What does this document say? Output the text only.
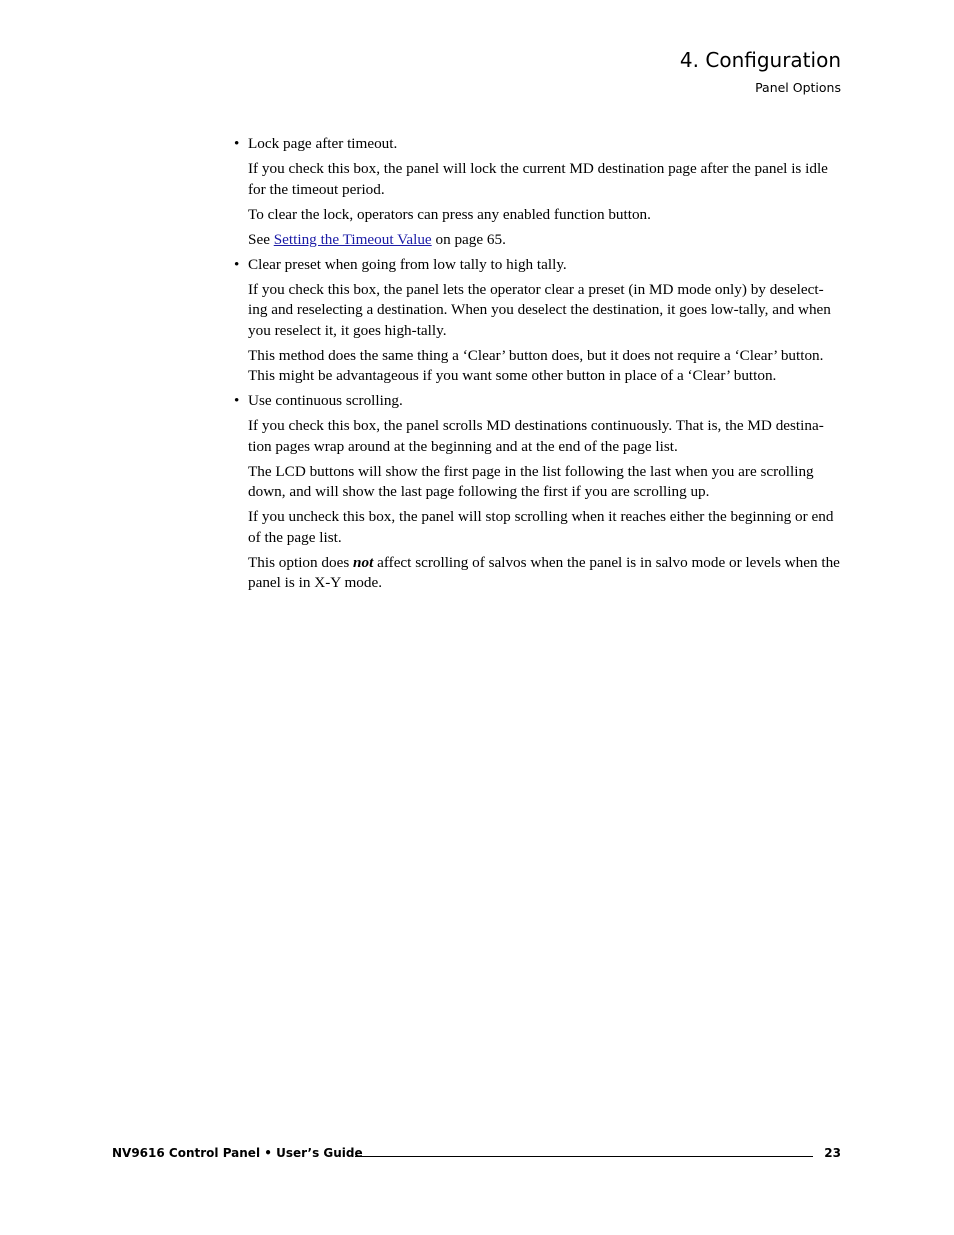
4. Configuration
Panel Options
• Lock page after timeout.
If you check this box, the panel will lock the current MD destination page after the panel is idle for the timeout period.
To clear the lock, operators can press any enabled function button.
See Setting the Timeout Value on page 65.
• Clear preset when going from low tally to high tally.
If you check this box, the panel lets the operator clear a preset (in MD mode only) by deselect-ing and reselecting a destination. When you deselect the destination, it goes low-tally, and when you reselect it, it goes high-tally.
This method does the same thing a ‘Clear’ button does, but it does not require a ‘Clear’ button. This might be advantageous if you want some other button in place of a ‘Clear’ button.
• Use continuous scrolling.
If you check this box, the panel scrolls MD destinations continuously. That is, the MD destina-tion pages wrap around at the beginning and at the end of the page list.
The LCD buttons will show the first page in the list following the last when you are scrolling down, and will show the last page following the first if you are scrolling up.
If you uncheck this box, the panel will stop scrolling when it reaches either the beginning or end of the page list.
This option does not affect scrolling of salvos when the panel is in salvo mode or levels when the panel is in X-Y mode.
NV9616 Control Panel • User’s Guide	23
